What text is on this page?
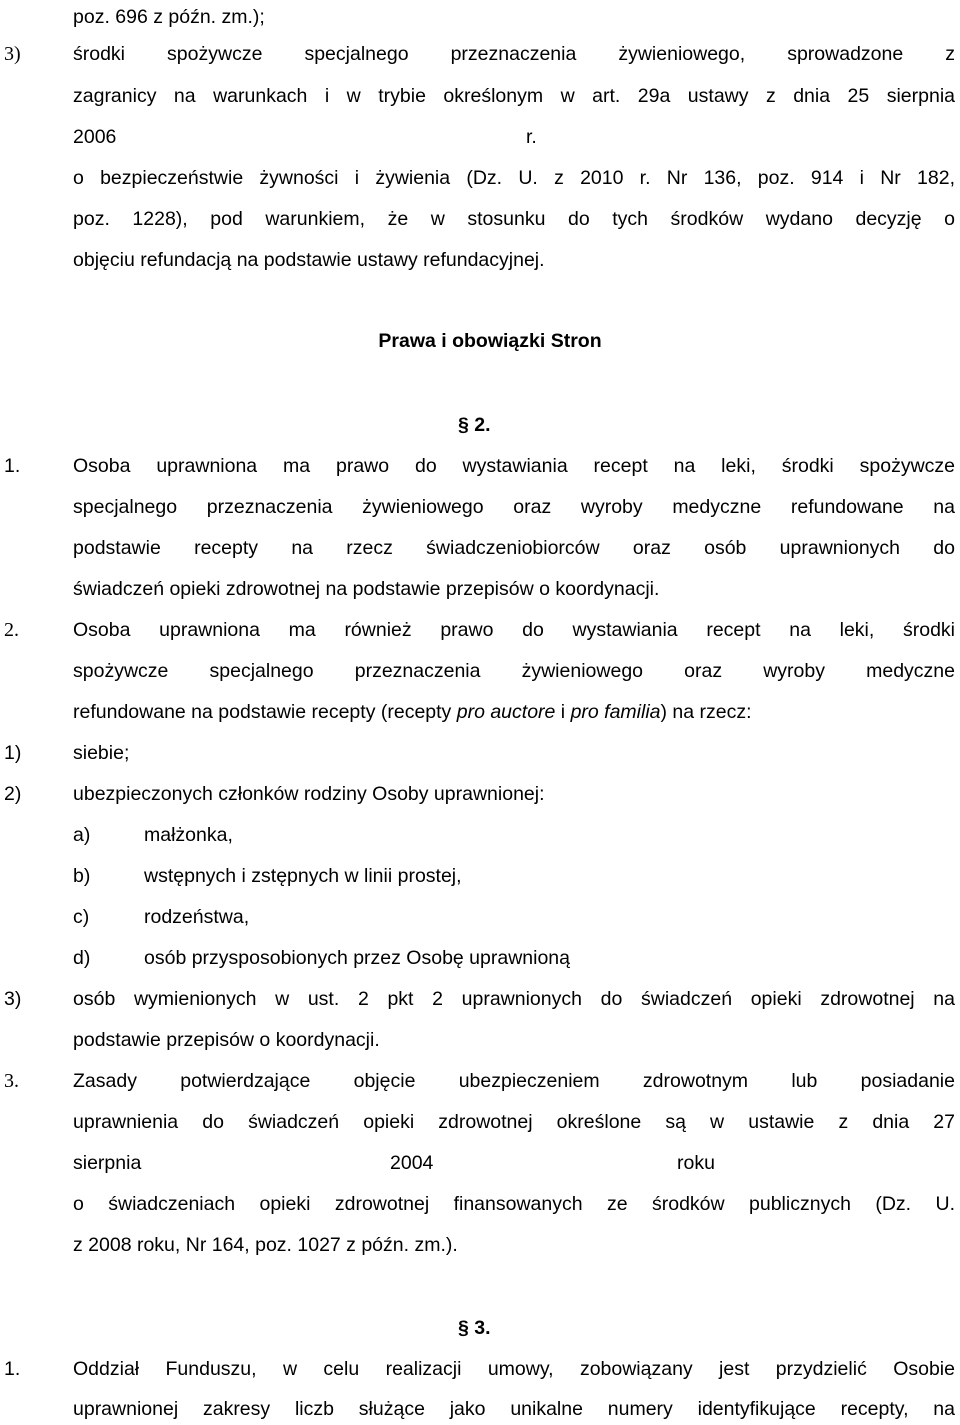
poz. 696 z późn. zm.);
3)	środki spożywcze specjalnego przeznaczenia żywieniowego, sprowadzone z
zagranicy na warunkach i w trybie określonym w art. 29a ustawy z dnia 25 sierpnia
2006	r.
o bezpieczeństwie żywności i żywienia (Dz. U. z 2010 r. Nr 136, poz. 914 i Nr 182,
poz. 1228), pod warunkiem, że w stosunku do tych środków wydano decyzję o
objęciu refundacją na podstawie ustawy refundacyjnej.
Prawa i obowiązki Stron
§ 2.
1.	Osoba uprawniona ma prawo do wystawiania recept na leki, środki spożywcze
specjalnego przeznaczenia żywieniowego oraz wyroby medyczne refundowane na
podstawie recepty na rzecz świadczeniobiorców oraz osób uprawnionych do
świadczeń opieki zdrowotnej na podstawie przepisów o koordynacji.
2.	Osoba uprawniona ma również prawo do wystawiania recept na leki, środki
spożywcze specjalnego przeznaczenia żywieniowego oraz wyroby medyczne
refundowane na podstawie recepty (recepty pro auctore i pro familia) na rzecz:
1)	siebie;
2)	ubezpieczonych członków rodziny Osoby uprawnionej:
a)	małżonka,
b)	wstępnych i zstępnych w linii prostej,
c)	rodzeństwa,
d)	osób przysposobionych przez Osobę uprawnioną
3)	osób wymienionych w ust. 2 pkt 2 uprawnionych do świadczeń opieki zdrowotnej na
podstawie przepisów o koordynacji.
3.	Zasady potwierdzające objęcie ubezpieczeniem zdrowotnym lub posiadanie
uprawnienia do świadczeń opieki zdrowotnej określone są w ustawie z dnia 27
sierpnia	2004	roku
o świadczeniach opieki zdrowotnej finansowanych ze środków publicznych (Dz. U.
z 2008 roku, Nr 164, poz. 1027 z późn. zm.).
§ 3.
1.	Oddział Funduszu, w celu realizacji umowy, zobowiązany jest przydzielić Osobie
uprawnionej zakresy liczb służące jako unikalne numery identyfikujące recepty, na
